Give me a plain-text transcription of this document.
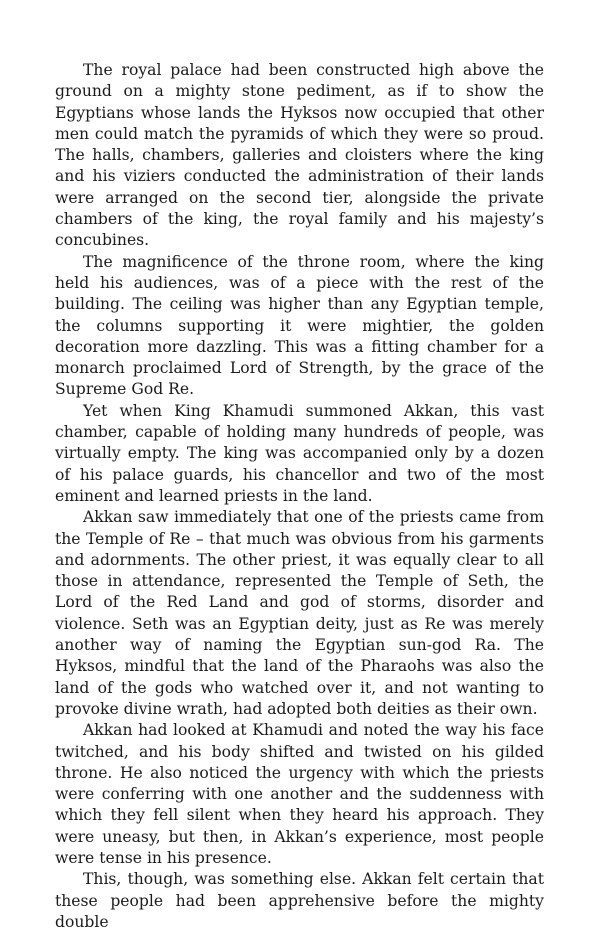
The royal palace had been constructed high above the ground on a mighty stone pediment, as if to show the Egyptians whose lands the Hyksos now occupied that other men could match the pyramids of which they were so proud. The halls, chambers, galleries and cloisters where the king and his viziers conducted the administration of their lands were arranged on the second tier, alongside the private chambers of the king, the royal family and his majesty’s concubines.

The magnificence of the throne room, where the king held his audiences, was of a piece with the rest of the building. The ceiling was higher than any Egyptian temple, the columns supporting it were mightier, the golden decoration more dazzling. This was a fitting chamber for a monarch proclaimed Lord of Strength, by the grace of the Supreme God Re.

Yet when King Khamudi summoned Akkan, this vast chamber, capable of holding many hundreds of people, was virtually empty. The king was accompanied only by a dozen of his palace guards, his chancellor and two of the most eminent and learned priests in the land.

Akkan saw immediately that one of the priests came from the Temple of Re – that much was obvious from his garments and adornments. The other priest, it was equally clear to all those in attendance, represented the Temple of Seth, the Lord of the Red Land and god of storms, disorder and violence. Seth was an Egyptian deity, just as Re was merely another way of naming the Egyptian sun-god Ra. The Hyksos, mindful that the land of the Pharaohs was also the land of the gods who watched over it, and not wanting to provoke divine wrath, had adopted both deities as their own.

Akkan had looked at Khamudi and noted the way his face twitched, and his body shifted and twisted on his gilded throne. He also noticed the urgency with which the priests were conferring with one another and the suddenness with which they fell silent when they heard his approach. They were uneasy, but then, in Akkan’s experience, most people were tense in his presence.

This, though, was something else. Akkan felt certain that these people had been apprehensive before the mighty double
